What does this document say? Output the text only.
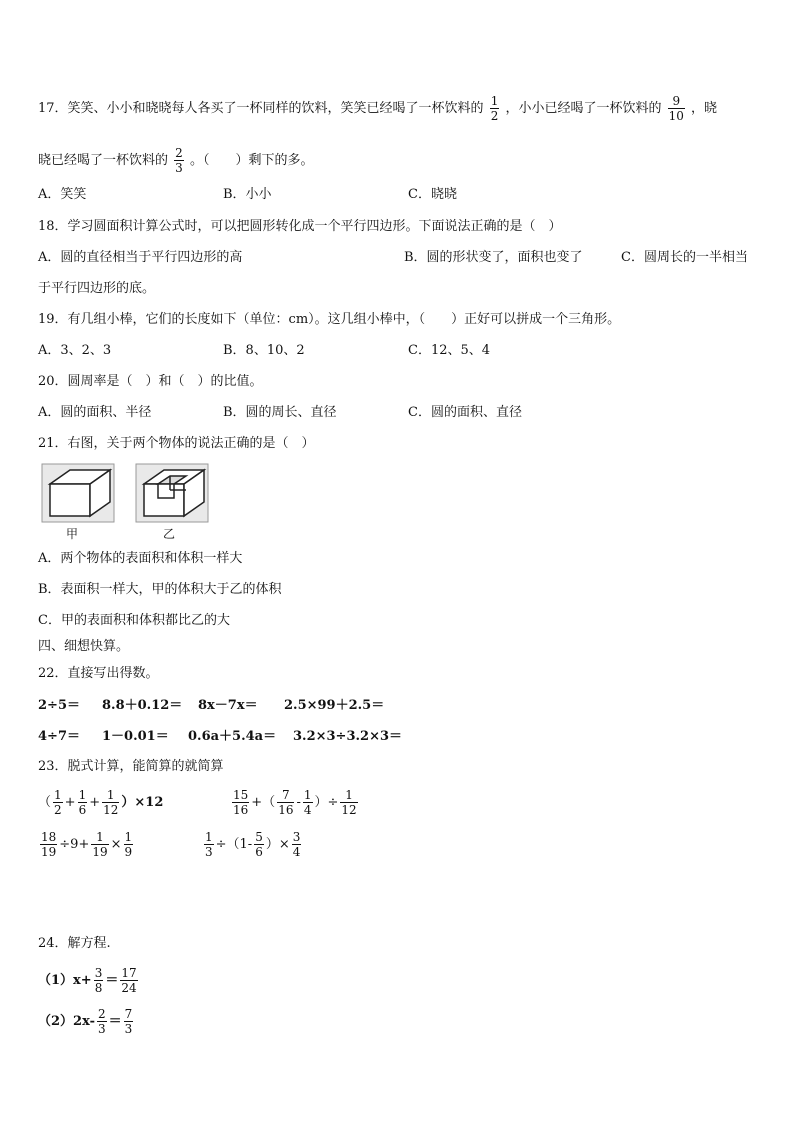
17．笑笑、小小和晓晓每人各买了一杯同样的饮料，笑笑已经喝了一杯饮料的 $\frac{1}{2}$ ，小小已经喝了一杯饮料的 $\frac{9}{10}$ ，晓
晓已经喝了一杯饮料的 $\frac{2}{3}$ 。（　　）剩下的多。
A．笑笑	B．小小	C．晓晓
18．学习圆面积计算公式时，可以把圆形转化成一个平行四边形。下面说法正确的是（　）
A．圆的直径相当于平行四边形的高	B．圆的形状变了，面积也变了	C．圆周长的一半相当
于平行四边形的底。
19．有几组小棒，它们的长度如下（单位：cm）。这几组小棒中，（　　）正好可以拼成一个三角形。
A．3、2、3	B．8、10、2	C．12、5、4
20．圆周率是（　）和（　）的比值。
A．圆的面积、半径	B．圆的周长、直径	C．圆的面积、直径
21．右图，关于两个物体的说法正确的是（　）
甲	乙
A．两个物体的表面积和体积一样大
B．表面积一样大，甲的体积大于乙的体积
C．甲的表面积和体积都比乙的大
四、细想快算。
22．直接写出得数。
2÷5＝ 8.8＋0.12＝ 8x－7x＝ 2.5×99＋2.5＝
4÷7＝ 1－0.01＝ 0.6a＋5.4a＝ 3.2×3÷3.2×3＝
23．脱式计算，能简算的就简算
（ $\frac{1}{2} + \frac{1}{6} + \frac{1}{12} )\times 12$	$\frac{15}{16}$ +（ $\frac{7}{16} - \frac{1}{4}$ ）÷ $\frac{1}{12}$
$\frac{18}{19} \div 9+ \frac{1}{19} \times \frac{1}{9}$	$\frac{1}{3} \div(1- \frac{5}{6}$ ）× $\frac{3}{4}$
24．解方程.
$(1)x+ \frac{3}{8} = \frac{17}{24}$
$(2)2x- \frac{2}{3} = \frac{7}{3}$
